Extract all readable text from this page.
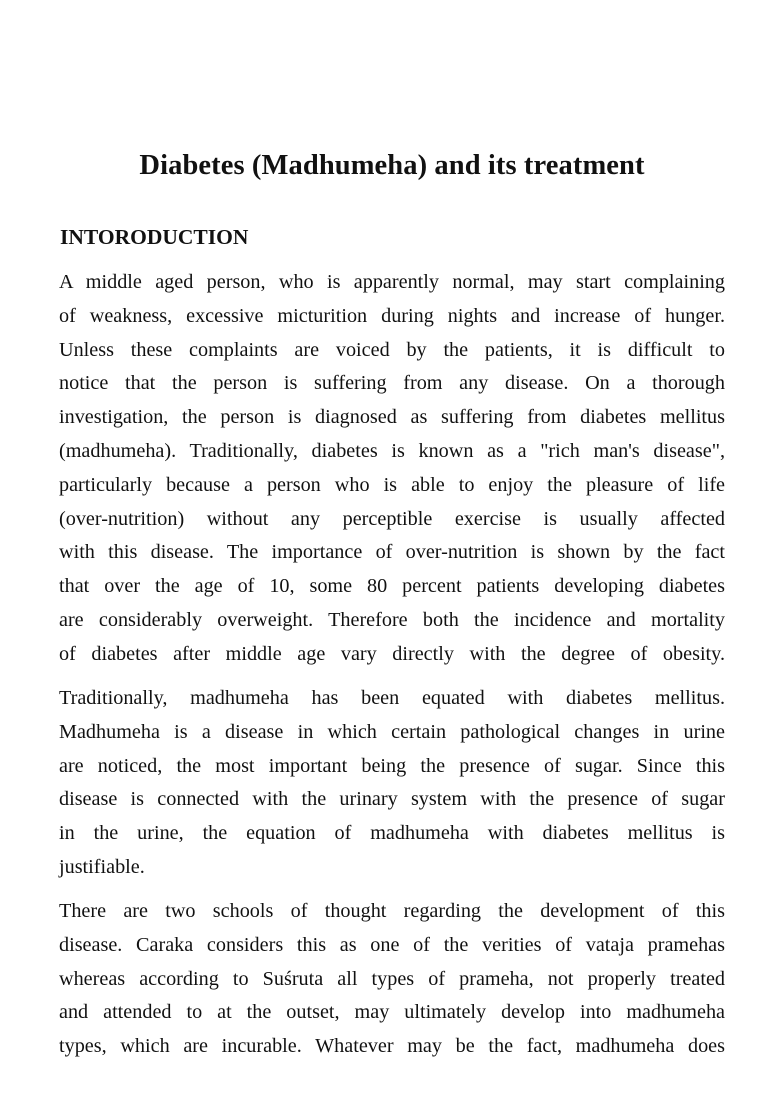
Diabetes (Madhumeha) and its treatment
INTORODUCTION
A middle aged person, who is apparently normal, may start complaining
of weakness, excessive micturition during nights and increase of hunger.
Unless these complaints are voiced by the patients, it is difficult to
notice that the person is suffering from any disease. On a thorough
investigation, the person is diagnosed as suffering from diabetes mellitus
(madhumeha). Traditionally, diabetes is known as a "rich man's disease",
particularly because a person who is able to enjoy the pleasure of life
(over-nutrition) without any perceptible exercise is usually affected
with this disease. The importance of over-nutrition is shown by the fact
that over the age of 10, some 80 percent patients developing diabetes
are considerably overweight. Therefore both the incidence and mortality
of diabetes after middle age vary directly with the degree of obesity.
Traditionally, madhumeha has been equated with diabetes mellitus.
Madhumeha is a disease in which certain pathological changes in urine
are noticed, the most important being the presence of sugar. Since this
disease is connected with the urinary system with the presence of sugar
in the urine, the equation of madhumeha with diabetes mellitus is
justifiable.
There are two schools of thought regarding the development of this
disease. Caraka considers this as one of the verities of vataja pramehas
whereas according to Suśruta all types of prameha, not properly treated
and attended to at the outset, may ultimately develop into madhumeha
types, which are incurable. Whatever may be the fact, madhumeha does
